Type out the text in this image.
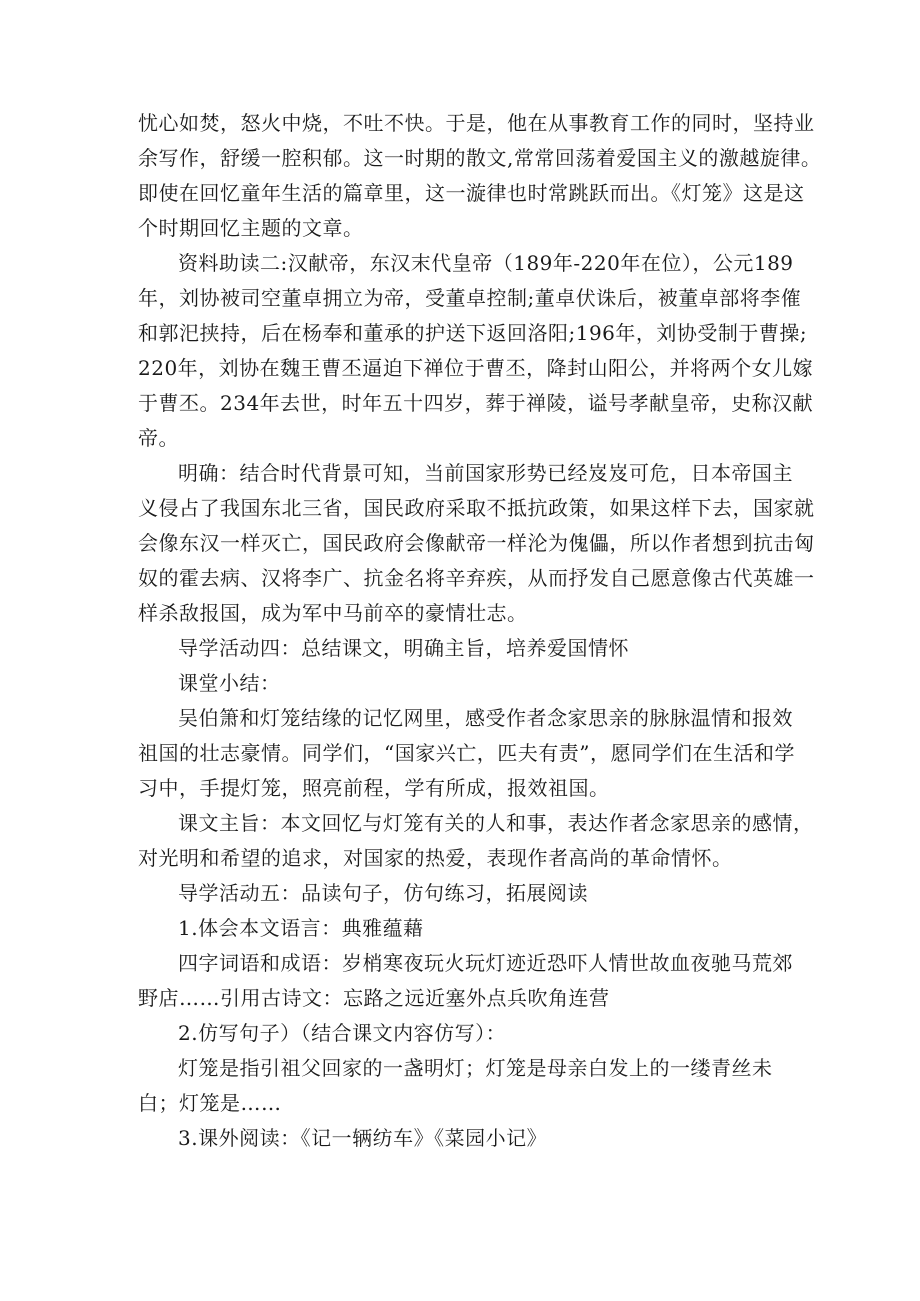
忧心如焚，怒火中烧，不吐不快。于是，他在从事教育工作的同时，坚持业
余写作，舒缓一腔积郁。这一时期的散文,常常回荡着爱国主义的激越旋律。
即使在回忆童年生活的篇章里，这一漩律也时常跳跃而出。《灯笼》这是这
个时期回忆主题的文章。

资料助读二:汉献帝，东汉末代皇帝（189年-220年在位），公元189
年，刘协被司空董卓拥立为帝，受董卓控制;董卓伏诛后，被董卓部将李傕
和郭汜挟持，后在杨奉和董承的护送下返回洛阳;196年，刘协受制于曹操;
220年，刘协在魏王曹丕逼迫下禅位于曹丕，降封山阳公，并将两个女儿嫁
于曹丕。234年去世，时年五十四岁，葬于禅陵，谥号孝献皇帝，史称汉献
帝。

明确：结合时代背景可知，当前国家形势已经岌岌可危，日本帝国主
义侵占了我国东北三省，国民政府采取不抵抗政策，如果这样下去，国家就
会像东汉一样灭亡，国民政府会像献帝一样沦为傀儡，所以作者想到抗击匈
奴的霍去病、汉将李广、抗金名将辛弃疾，从而抒发自己愿意像古代英雄一
样杀敌报国，成为军中马前卒的豪情壮志。

导学活动四：总结课文，明确主旨，培养爱国情怀

课堂小结：

吴伯箫和灯笼结缘的记忆网里，感受作者念家思亲的脉脉温情和报效
祖国的壮志豪情。同学们，“国家兴亡，匹夫有责”，愿同学们在生活和学
习中，手提灯笼，照亮前程，学有所成，报效祖国。

课文主旨：本文回忆与灯笼有关的人和事，表达作者念家思亲的感情，
对光明和希望的追求，对国家的热爱，表现作者高尚的革命情怀。

导学活动五：品读句子，仿句练习，拓展阅读

1.体会本文语言：典雅蕴藉

四字词语和成语：岁梢寒夜玩火玩灯迹近恐吓人情世故血夜驰马荒郊
野店……引用古诗文：忘路之远近塞外点兵吹角连营

2.仿写句子）（结合课文内容仿写）：

灯笼是指引祖父回家的一盏明灯；灯笼是母亲白发上的一缕青丝未
白；灯笼是……

3.课外阅读：《记一辆纺车》《菜园小记》
